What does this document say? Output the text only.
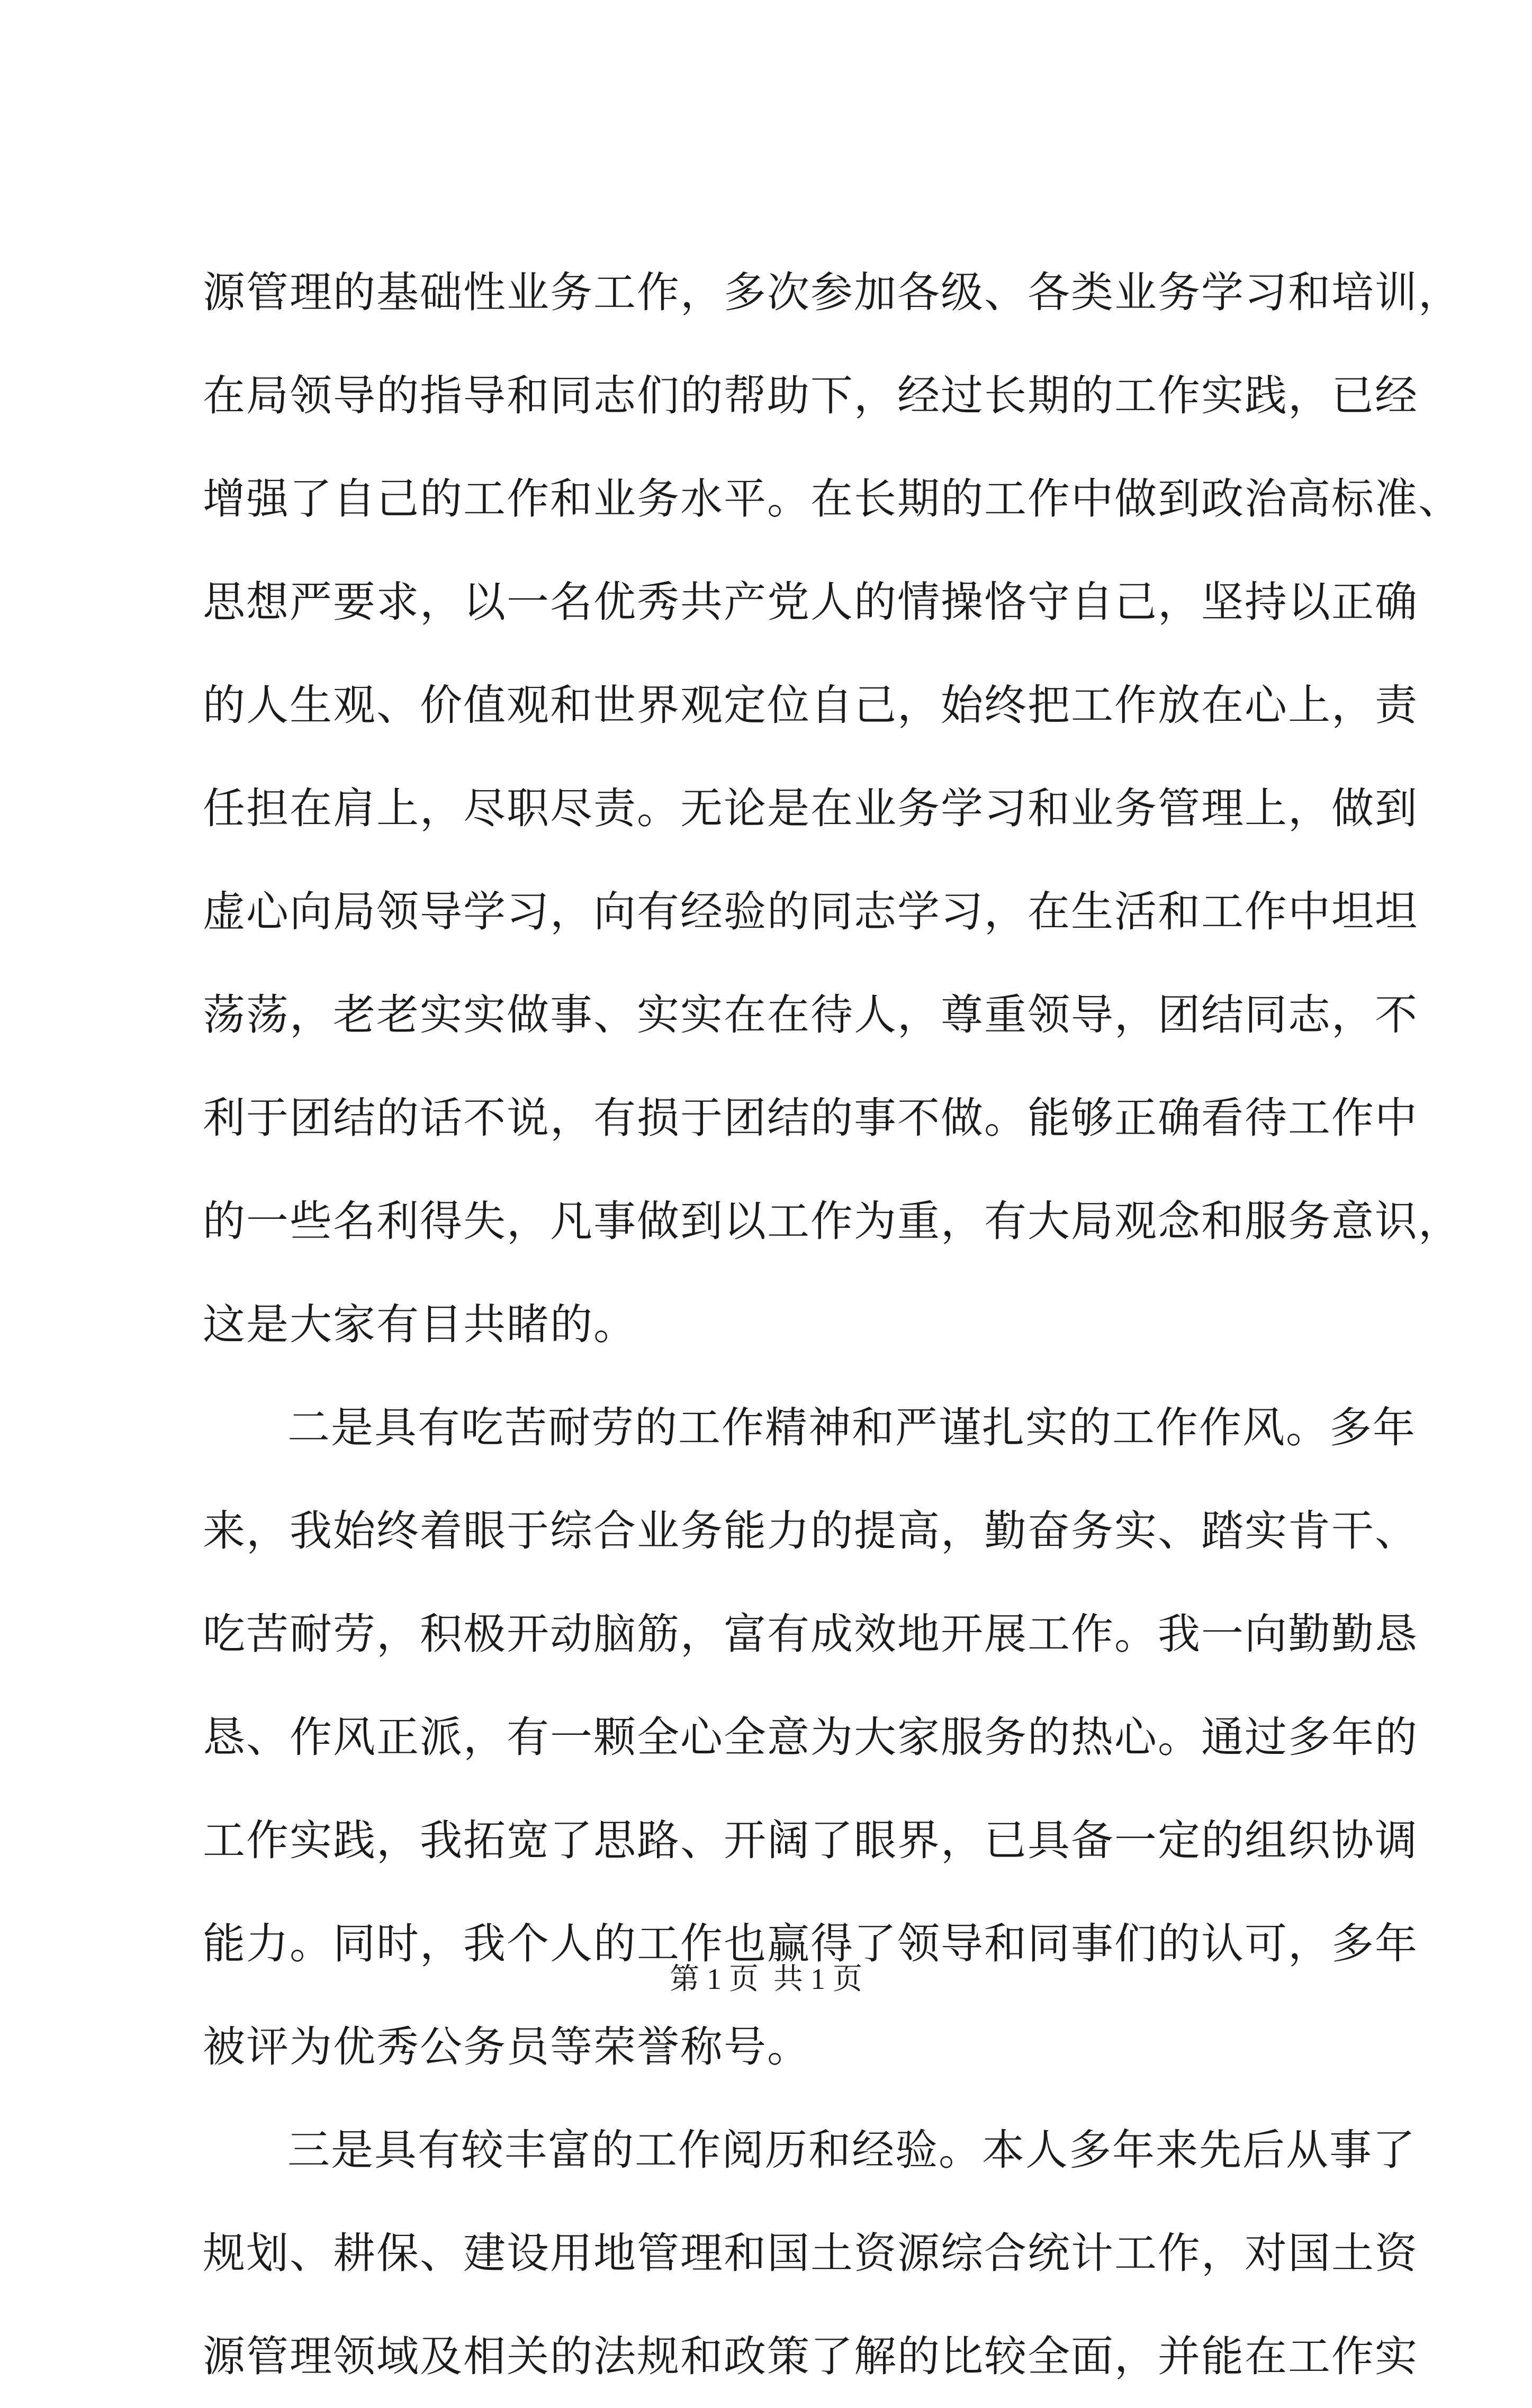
源管理的基础性业务工作，多次参加各级、各类业务学习和培训，
在局领导的指导和同志们的帮助下，经过长期的工作实践，已经
增强了自己的工作和业务水平。在长期的工作中做到政治高标准、
思想严要求，以一名优秀共产党人的情操恪守自己，坚持以正确
的人生观、价值观和世界观定位自己，始终把工作放在心上，责
任担在肩上，尽职尽责。无论是在业务学习和业务管理上，做到
虚心向局领导学习，向有经验的同志学习，在生活和工作中坦坦
荡荡，老老实实做事、实实在在待人，尊重领导，团结同志，不
利于团结的话不说，有损于团结的事不做。能够正确看待工作中
的一些名利得失，凡事做到以工作为重，有大局观念和服务意识，
这是大家有目共睹的。
二是具有吃苦耐劳的工作精神和严谨扎实的工作作风。多年
来，我始终着眼于综合业务能力的提高，勤奋务实、踏实肯干、
吃苦耐劳，积极开动脑筋，富有成效地开展工作。我一向勤勤恳
恳、作风正派，有一颗全心全意为大家服务的热心。通过多年的
工作实践，我拓宽了思路、开阔了眼界，已具备一定的组织协调
能力。同时，我个人的工作也赢得了领导和同事们的认可，多年
被评为优秀公务员等荣誉称号。
三是具有较丰富的工作阅历和经验。本人多年来先后从事了
规划、耕保、建设用地管理和国土资源综合统计工作，对国土资
源管理领域及相关的法规和政策了解的比较全面，并能在工作实
第 1 页  共 1 页
